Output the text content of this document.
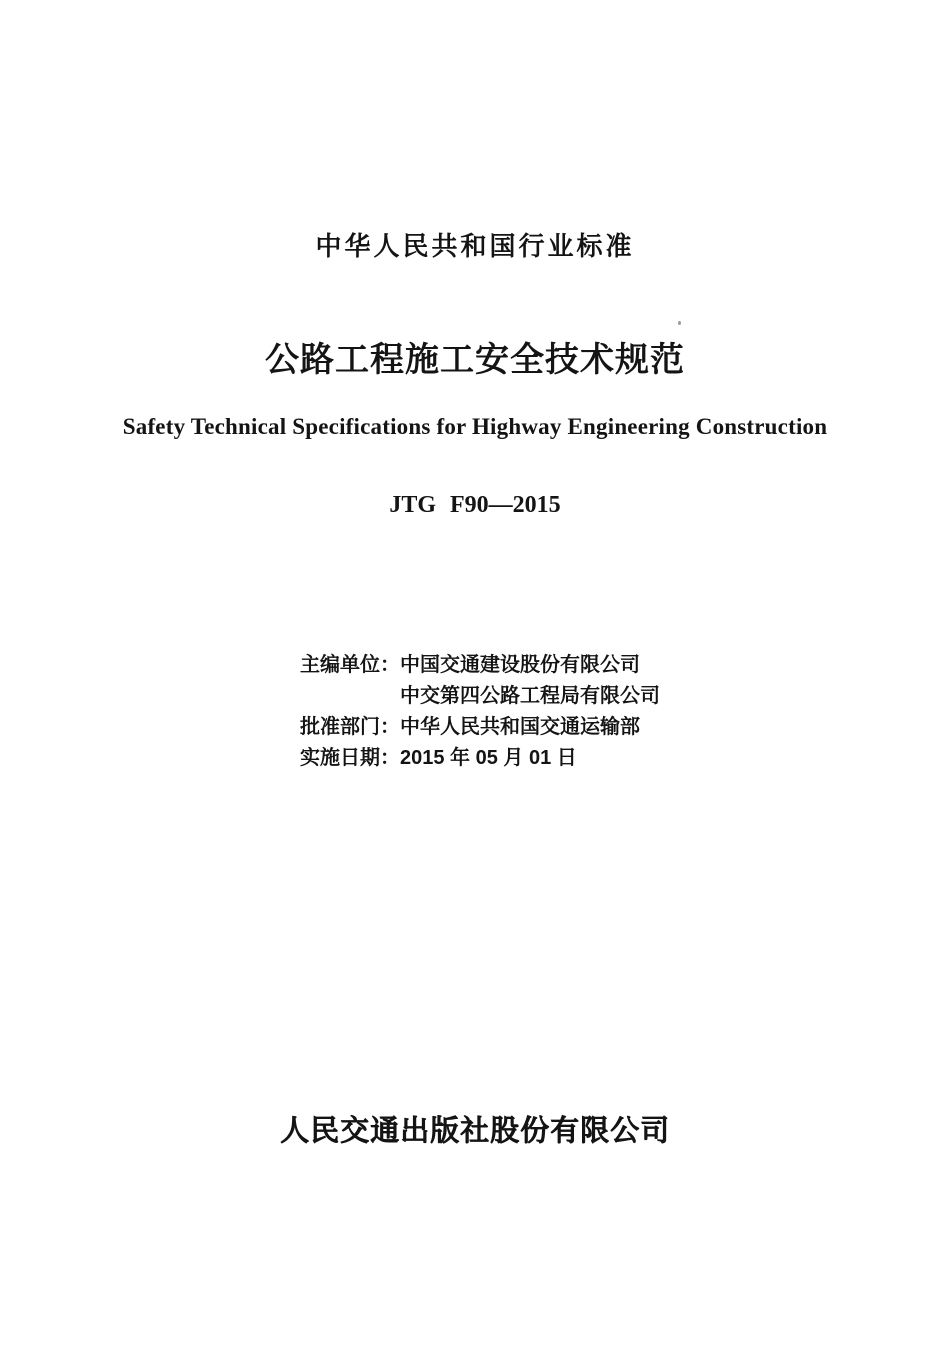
中华人民共和国行业标准
公路工程施工安全技术规范
Safety Technical Specifications for Highway Engineering Construction
JTG F90—2015
主编单位： 中国交通建设股份有限公司
中交第四公路工程局有限公司
批准部门： 中华人民共和国交通运输部
实施日期： 2015 年 05 月 01 日
人民交通出版社股份有限公司
